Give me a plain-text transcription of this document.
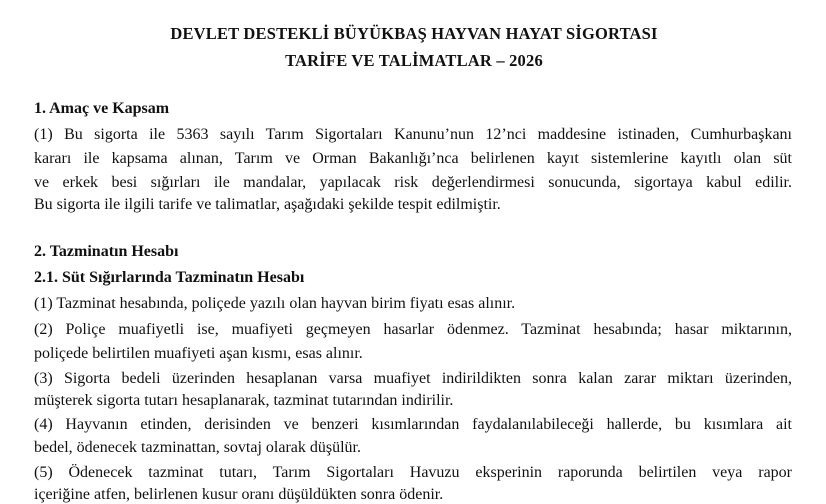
DEVLET DESTEKLİ BÜYÜKBAŞ HAYVAN HAYAT SİGORTASI
TARİFE VE TALİMATLAR – 2026
1. Amaç ve Kapsam
(1) Bu sigorta ile 5363 sayılı Tarım Sigortaları Kanunu’nun 12’nci maddesine istinaden, Cumhurbaşkanı
kararı ile kapsama alınan, Tarım ve Orman Bakanlığı’nca belirlenen kayıt sistemlerine kayıtlı olan süt
ve erkek besi sığırları ile mandalar, yapılacak risk değerlendirmesi sonucunda, sigortaya kabul edilir.
Bu sigorta ile ilgili tarife ve talimatlar, aşağıdaki şekilde tespit edilmiştir.
2. Tazminatın Hesabı
2.1. Süt Sığırlarında Tazminatın Hesabı
(1) Tazminat hesabında, poliçede yazılı olan hayvan birim fiyatı esas alınır.
(2) Poliçe muafiyetli ise, muafiyeti geçmeyen hasarlar ödenmez. Tazminat hesabında; hasar miktarının,
poliçede belirtilen muafiyeti aşan kısmı, esas alınır.
(3) Sigorta bedeli üzerinden hesaplanan varsa muafiyet indirildikten sonra kalan zarar miktarı üzerinden,
müşterek sigorta tutarı hesaplanarak, tazminat tutarından indirilir.
(4) Hayvanın etinden, derisinden ve benzeri kısımlarından faydalanılabileceği hallerde, bu kısımlara ait
bedel, ödenecek tazminattan, sovtaj olarak düşülür.
(5) Ödenecek tazminat tutarı, Tarım Sigortaları Havuzu eksperinin raporunda belirtilen veya rapor
içeriğine atfen, belirlenen kusur oranı düşüldükten sonra ödenir.
